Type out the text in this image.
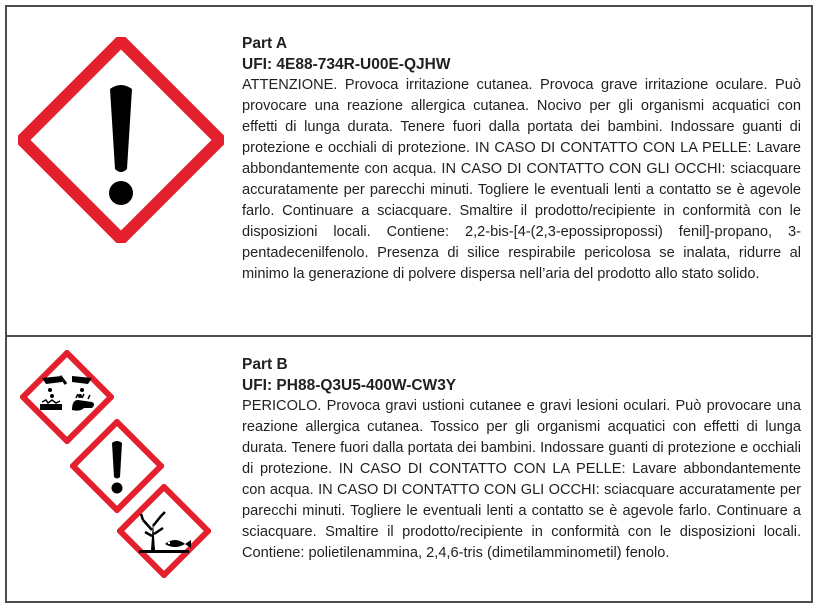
Part A
UFI: 4E88-734R-U00E-QJHW
ATTENZIONE. Provoca irritazione cutanea. Provoca grave irritazione oculare. Può provocare una reazione allergica cutanea. Nocivo per gli organismi acquatici con effetti di lunga durata. Tenere fuori dalla portata dei bambini. Indossare guanti di protezione e occhiali di protezione. IN CASO DI CONTATTO CON LA PELLE: Lavare abbondantemente con acqua. IN CASO DI CONTATTO CON GLI OCCHI: sciacquare accuratamente per parecchi minuti. Togliere le eventuali lenti a contatto se è agevole farlo. Continuare a sciacquare. Smaltire il prodotto/recipiente in conformità con le disposizioni locali. Contiene: 2,2-bis-[4-(2,3-epossipropossi) fenil]-propano, 3-pentadecenilfenolo. Presenza di silice respirabile pericolosa se inalata, ridurre al minimo la generazione di polvere dispersa nell’aria del prodotto allo stato solido.
Part B
UFI: PH88-Q3U5-400W-CW3Y
PERICOLO. Provoca gravi ustioni cutanee e gravi lesioni oculari. Può provocare una reazione allergica cutanea. Tossico per gli organismi acquatici con effetti di lunga durata. Tenere fuori dalla portata dei bambini. Indossare guanti di protezione e occhiali di protezione. IN CASO DI CONTATTO CON LA PELLE: Lavare abbondantemente con acqua. IN CASO DI CONTATTO CON GLI OCCHI: sciacquare accuratamente per parecchi minuti. Togliere le eventuali lenti a contatto se è agevole farlo. Continuare a sciacquare. Smaltire il prodotto/recipiente in conformità con le disposizioni locali. Contiene: polietilenammina, 2,4,6-tris (dimetilamminometil) fenolo.
